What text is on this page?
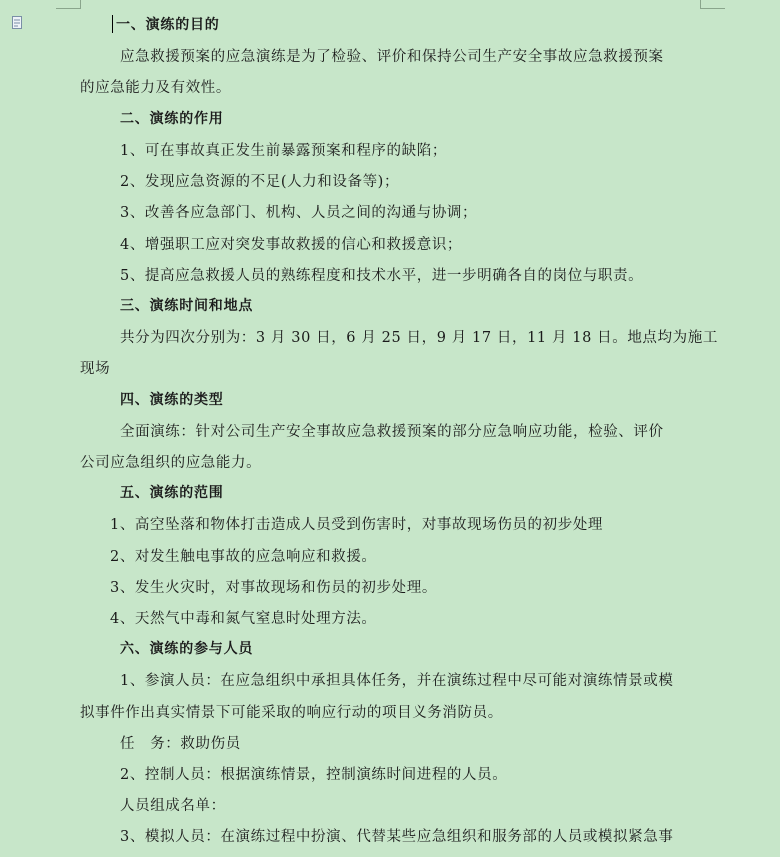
一、演练的目的
应急救援预案的应急演练是为了检验、评价和保持公司生产安全事故应急救援预案
的应急能力及有效性。
二、演练的作用
1、可在事故真正发生前暴露预案和程序的缺陷；
2、发现应急资源的不足(人力和设备等)；
3、改善各应急部门、机构、人员之间的沟通与协调；
4、增强职工应对突发事故救援的信心和救援意识；
5、提高应急救援人员的熟练程度和技术水平，进一步明确各自的岗位与职责。
三、演练时间和地点
共分为四次分别为：3 月 30 日，6 月 25 日，9 月 17 日，11 月 18 日。地点均为施工
现场
四、演练的类型
全面演练：针对公司生产安全事故应急救援预案的部分应急响应功能，检验、评价
公司应急组织的应急能力。
五、演练的范围
1、高空坠落和物体打击造成人员受到伤害时，对事故现场伤员的初步处理
2、对发生触电事故的应急响应和救援。
3、发生火灾时，对事故现场和伤员的初步处理。
4、天然气中毒和氮气窒息时处理方法。
六、演练的参与人员
1、参演人员：在应急组织中承担具体任务，并在演练过程中尽可能对演练情景或模
拟事件作出真实情景下可能采取的响应行动的项目义务消防员。
任　务：救助伤员
2、控制人员：根据演练情景，控制演练时间进程的人员。
人员组成名单：
3、模拟人员：在演练过程中扮演、代替某些应急组织和服务部的人员或模拟紧急事
